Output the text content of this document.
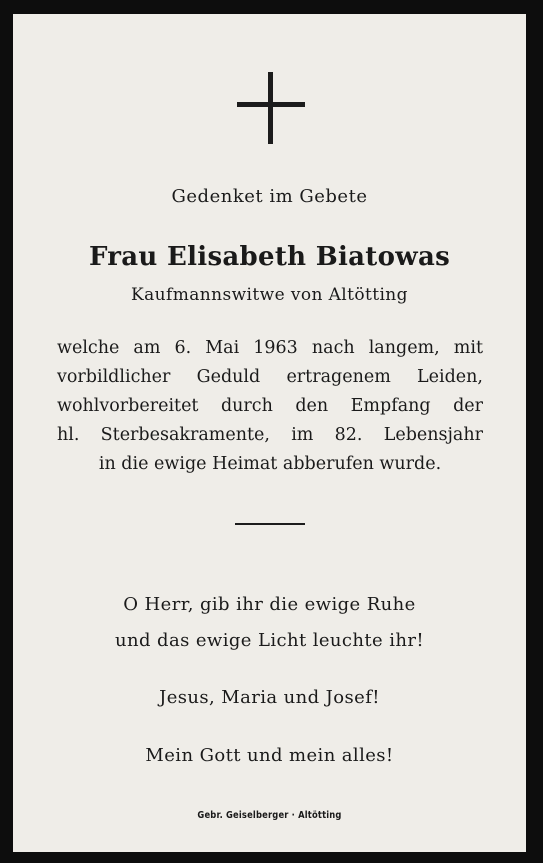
Gedenket im Gebete
Frau Elisabeth Biatowas
Kaufmannswitwe von Altötting
welche am 6. Mai 1963 nach langem, mit
vorbildlicher Geduld ertragenem Leiden,
wohlvorbereitet durch den Empfang der
hl. Sterbesakramente, im 82. Lebensjahr
in die ewige Heimat abberufen wurde.
O Herr, gib ihr die ewige Ruhe
und das ewige Licht leuchte ihr!
Jesus, Maria und Josef!
Mein Gott und mein alles!
Gebr. Geiselberger · Altötting
